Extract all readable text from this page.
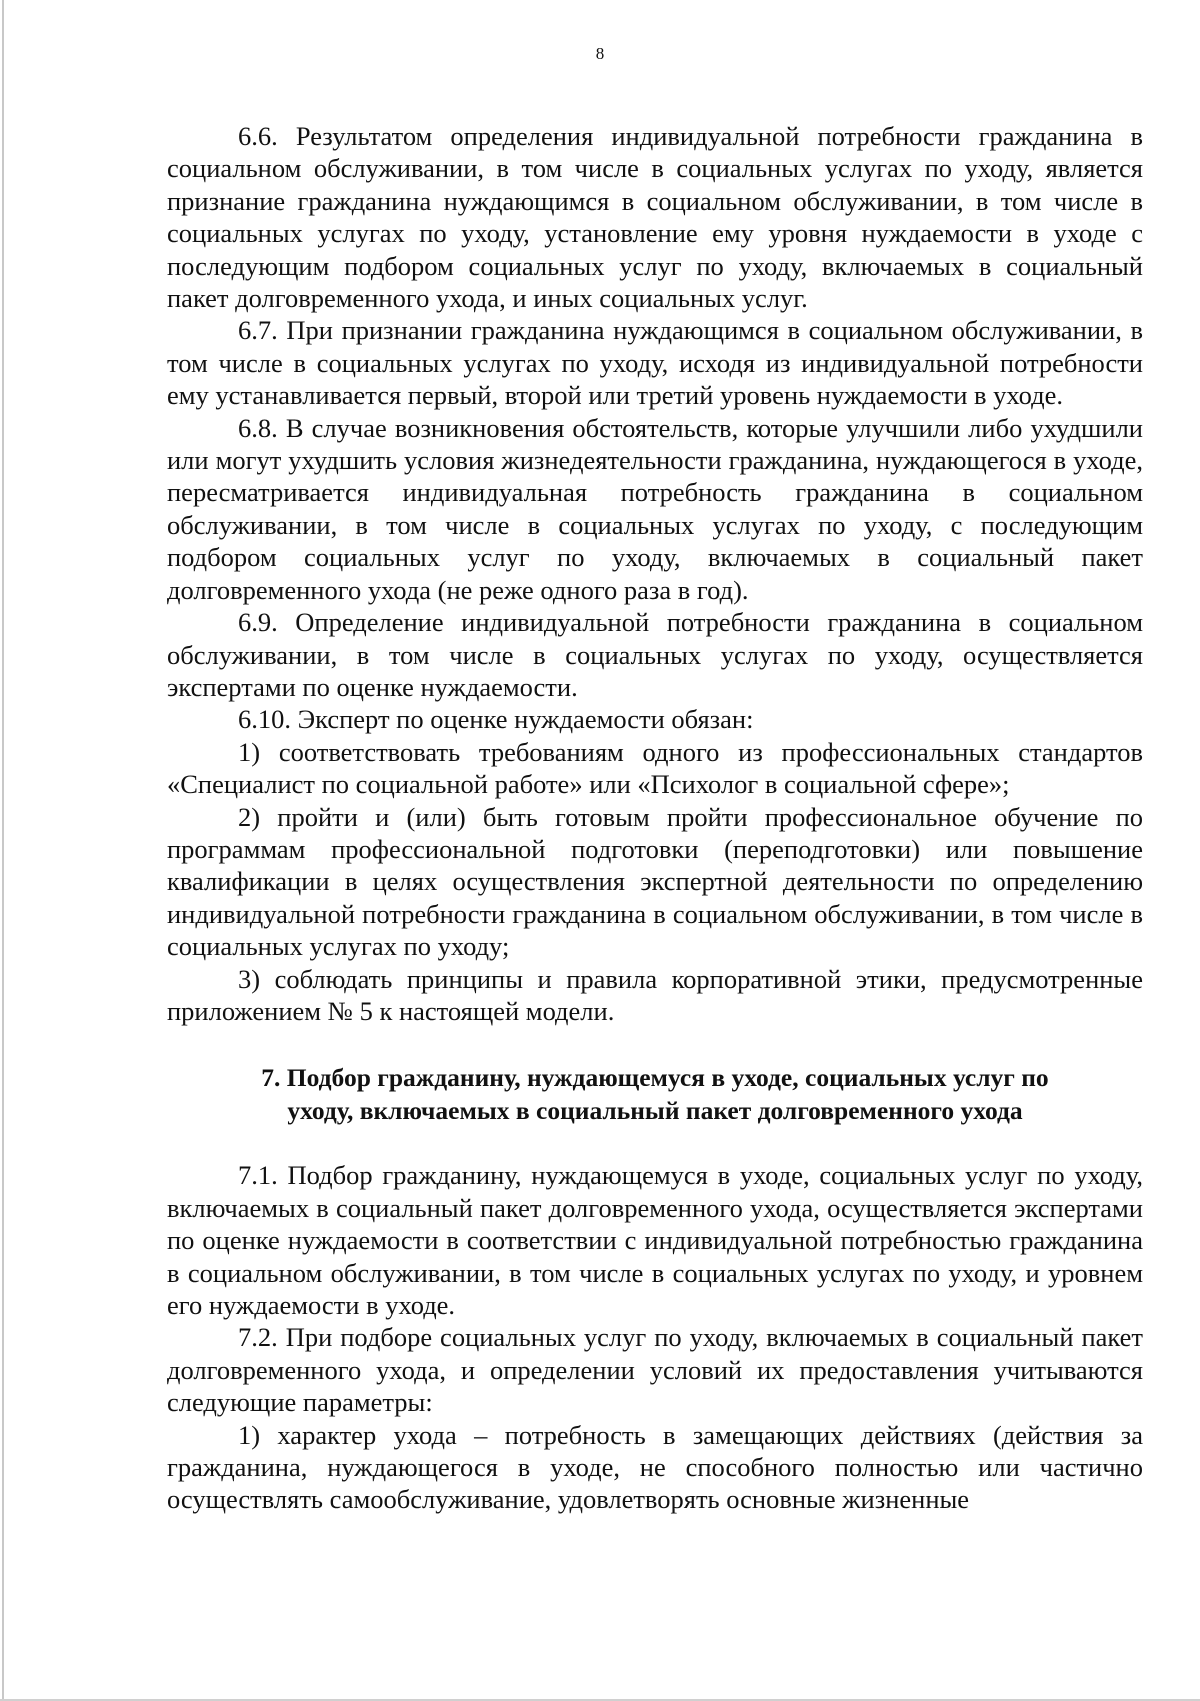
8

6.6. Результатом определения индивидуальной потребности гражданина в социальном обслуживании, в том числе в социальных услугах по уходу, является признание гражданина нуждающимся в социальном обслуживании, в том числе в социальных услугах по уходу, установление ему уровня нуждаемости в уходе с последующим подбором социальных услуг по уходу, включаемых в социальный пакет долговременного ухода, и иных социальных услуг.

6.7. При признании гражданина нуждающимся в социальном обслуживании, в том числе в социальных услугах по уходу, исходя из индивидуальной потребности ему устанавливается первый, второй или третий уровень нуждаемости в уходе.

6.8. В случае возникновения обстоятельств, которые улучшили либо ухудшили или могут ухудшить условия жизнедеятельности гражданина, нуждающегося в уходе, пересматривается индивидуальная потребность гражданина в социальном обслуживании, в том числе в социальных услугах по уходу, с последующим подбором социальных услуг по уходу, включаемых в социальный пакет долговременного ухода (не реже одного раза в год).

6.9. Определение индивидуальной потребности гражданина в социальном обслуживании, в том числе в социальных услугах по уходу, осуществляется экспертами по оценке нуждаемости.

6.10. Эксперт по оценке нуждаемости обязан:

1) соответствовать требованиям одного из профессиональных стандартов «Специалист по социальной работе» или «Психолог в социальной сфере»;

2) пройти и (или) быть готовым пройти профессиональное обучение по программам профессиональной подготовки (переподготовки) или повышение квалификации в целях осуществления экспертной деятельности по определению индивидуальной потребности гражданина в социальном обслуживании, в том числе в социальных услугах по уходу;

3) соблюдать принципы и правила корпоративной этики, предусмотренные приложением № 5 к настоящей модели.

7. Подбор гражданину, нуждающемуся в уходе, социальных услуг по
уходу, включаемых в социальный пакет долговременного ухода

7.1. Подбор гражданину, нуждающемуся в уходе, социальных услуг по уходу, включаемых в социальный пакет долговременного ухода, осуществляется экспертами по оценке нуждаемости в соответствии с индивидуальной потребностью гражданина в социальном обслуживании, в том числе в социальных услугах по уходу, и уровнем его нуждаемости в уходе.

7.2. При подборе социальных услуг по уходу, включаемых в социальный пакет долговременного ухода, и определении условий их предоставления учитываются следующие параметры:

1) характер ухода – потребность в замещающих действиях (действия за гражданина, нуждающегося в уходе, не способного полностью или частично осуществлять самообслуживание, удовлетворять основные жизненные
